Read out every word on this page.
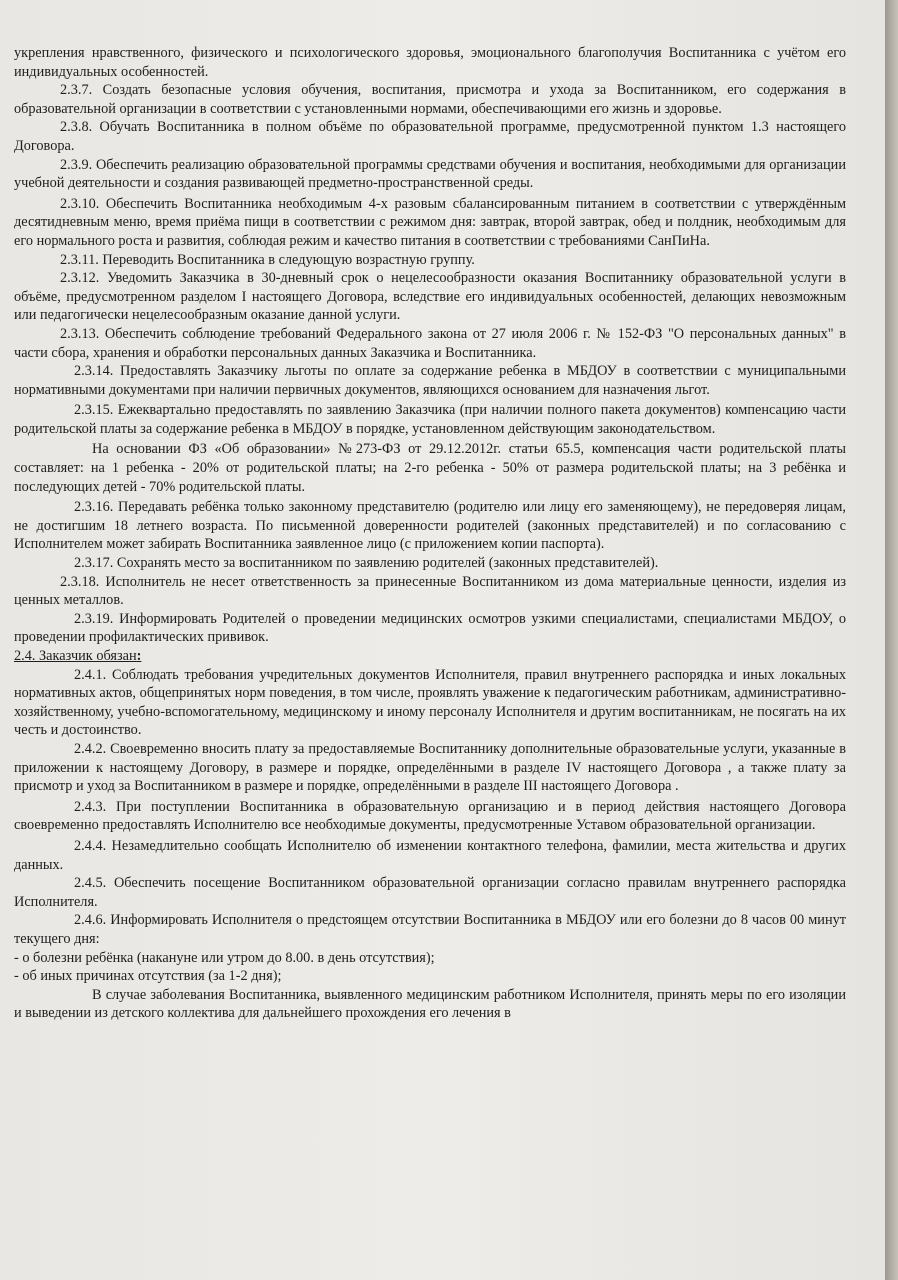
укрепления нравственного, физического и психологического здоровья, эмоционального благополучия Воспитанника с учётом его индивидуальных особенностей.

2.3.7. Создать безопасные условия обучения, воспитания, присмотра и ухода за Воспитанником, его содержания в образовательной организации в соответствии с установленными нормами, обеспечивающими его жизнь и здоровье.

2.3.8. Обучать Воспитанника в полном объёме по образовательной программе, предусмотренной пунктом 1.3 настоящего Договора.

2.3.9. Обеспечить реализацию образовательной программы средствами обучения и воспитания, необходимыми для организации учебной деятельности и создания развивающей предметно-пространственной среды.

2.3.10. Обеспечить Воспитанника необходимым 4-х разовым сбалансированным питанием в соответствии с утверждённым десятидневным меню, время приёма пищи в соответствии с режимом дня: завтрак, второй завтрак, обед и полдник, необходимым для его нормального роста и развития, соблюдая режим и качество питания в соответствии с требованиями СанПиНа.

2.3.11. Переводить Воспитанника в следующую возрастную группу.

2.3.12. Уведомить Заказчика в 30-дневный срок о нецелесообразности оказания Воспитаннику образовательной услуги в объёме, предусмотренном разделом I настоящего Договора, вследствие его индивидуальных особенностей, делающих невозможным или педагогически нецелесообразным оказание данной услуги.

2.3.13. Обеспечить соблюдение требований Федерального закона от 27 июля 2006 г. № 152-ФЗ "О персональных данных" в части сбора, хранения и обработки персональных данных Заказчика и Воспитанника.

2.3.14. Предоставлять Заказчику льготы по оплате за содержание ребенка в МБДОУ в соответствии с муниципальными нормативными документами при наличии первичных документов, являющихся основанием для назначения льгот.

2.3.15. Ежеквартально предоставлять по заявлению Заказчика (при наличии полного пакета документов) компенсацию части родительской платы за содержание ребенка в МБДОУ в порядке, установленном действующим законодательством.

На основании ФЗ «Об образовании» №273-ФЗ от 29.12.2012г. статьи 65.5, компенсация части родительской платы составляет: на 1 ребенка - 20% от родительской платы; на 2-го ребенка - 50% от размера родительской платы; на 3 ребёнка и последующих детей - 70% родительской платы.

2.3.16. Передавать ребёнка только законному представителю (родителю или лицу его заменяющему), не передоверяя лицам, не достигшим 18 летнего возраста. По письменной доверенности родителей (законных представителей) и по согласованию с Исполнителем может забирать Воспитанника заявленное лицо (с приложением копии паспорта).

2.3.17. Сохранять место за воспитанником по заявлению родителей (законных представителей).

2.3.18. Исполнитель не несет ответственность за принесенные Воспитанником из дома материальные ценности, изделия из ценных металлов.

2.3.19. Информировать Родителей о проведении медицинских осмотров узкими специалистами, специалистами МБДОУ, о проведении профилактических прививок.

2.4. Заказчик обязан:

2.4.1. Соблюдать требования учредительных документов Исполнителя, правил внутреннего распорядка и иных локальных нормативных актов, общепринятых норм поведения, в том числе, проявлять уважение к педагогическим работникам, административно-хозяйственному, учебно-вспомогательному, медицинскому и иному персоналу Исполнителя и другим воспитанникам, не посягать на их честь и достоинство.

2.4.2. Своевременно вносить плату за предоставляемые Воспитаннику дополнительные образовательные услуги, указанные в приложении к настоящему Договору, в размере и порядке, определёнными в разделе IV настоящего Договора , а также плату за присмотр и уход за Воспитанником в размере и порядке, определёнными в разделе III настоящего Договора .

2.4.3. При поступлении Воспитанника в образовательную организацию и в период действия настоящего Договора своевременно предоставлять Исполнителю все необходимые документы, предусмотренные Уставом образовательной организации.

2.4.4. Незамедлительно сообщать Исполнителю об изменении контактного телефона, фамилии, места жительства и других данных.

2.4.5. Обеспечить посещение Воспитанником образовательной организации согласно правилам внутреннего распорядка Исполнителя.

2.4.6. Информировать Исполнителя о предстоящем отсутствии Воспитанника в МБДОУ или его болезни до 8 часов 00 минут текущего дня:

- о болезни ребёнка (накануне или утром до 8.00. в день отсутствия);

- об иных причинах отсутствия (за 1-2 дня);

В случае заболевания Воспитанника, выявленного медицинским работником Исполнителя, принять меры по его изоляции и выведении из детского коллектива для дальнейшего прохождения его лечения в
